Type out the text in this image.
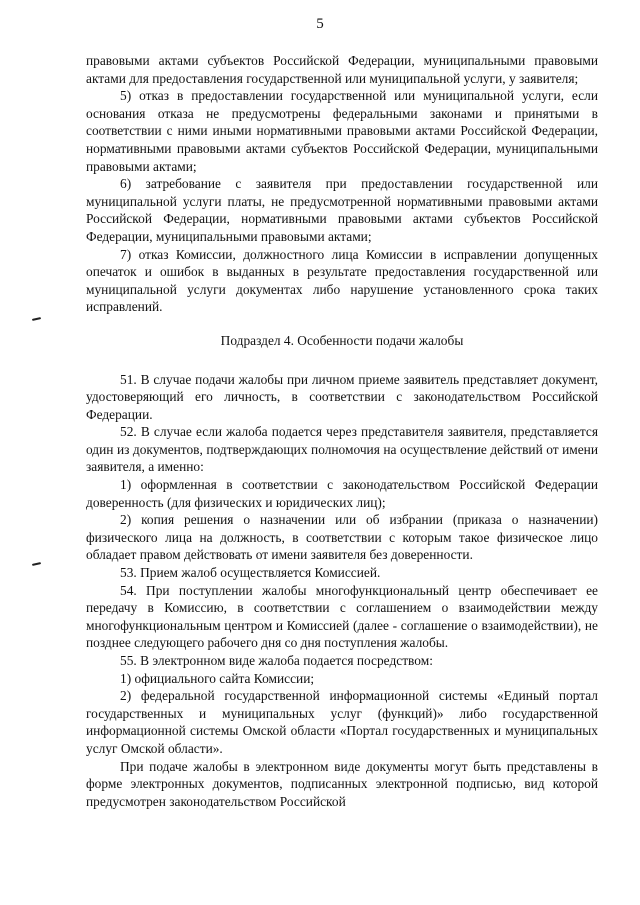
5

правовыми актами субъектов Российской Федерации, муниципальными правовыми актами для предоставления государственной или муниципальной услуги, у заявителя;

5) отказ в предоставлении государственной или муниципальной услуги, если основания отказа не предусмотрены федеральными законами и принятыми в соответствии с ними иными нормативными правовыми актами Российской Федерации, нормативными правовыми актами субъектов Российской Федерации, муниципальными правовыми актами;

6) затребование с заявителя при предоставлении государственной или муниципальной услуги платы, не предусмотренной нормативными правовыми актами Российской Федерации, нормативными правовыми актами субъектов Российской Федерации, муниципальными правовыми актами;

7) отказ Комиссии, должностного лица Комиссии в исправлении допущенных опечаток и ошибок в выданных в результате предоставления государственной или муниципальной услуги документах либо нарушение установленного срока таких исправлений.

Подраздел 4. Особенности подачи жалобы

51. В случае подачи жалобы при личном приеме заявитель представляет документ, удостоверяющий его личность, в соответствии с законодательством Российской Федерации.

52. В случае если жалоба подается через представителя заявителя, представляется один из документов, подтверждающих полномочия на осуществление действий от имени заявителя, а именно:

1) оформленная в соответствии с законодательством Российской Федерации доверенность (для физических и юридических лиц);

2) копия решения о назначении или об избрании (приказа о назначении) физического лица на должность, в соответствии с которым такое физическое лицо обладает правом действовать от имени заявителя без доверенности.

53. Прием жалоб осуществляется Комиссией.

54. При поступлении жалобы многофункциональный центр обеспечивает ее передачу в Комиссию, в соответствии с соглашением о взаимодействии между многофункциональным центром и Комиссией (далее - соглашение о взаимодействии), не позднее следующего рабочего дня со дня поступления жалобы.

55. В электронном виде жалоба подается посредством:

1) официального сайта Комиссии;

2) федеральной государственной информационной системы «Единый портал государственных и муниципальных услуг (функций)» либо государственной информационной системы Омской области «Портал государственных и муниципальных услуг Омской области».

При подаче жалобы в электронном виде документы могут быть представлены в форме электронных документов, подписанных электронной подписью, вид которой предусмотрен законодательством Российской
